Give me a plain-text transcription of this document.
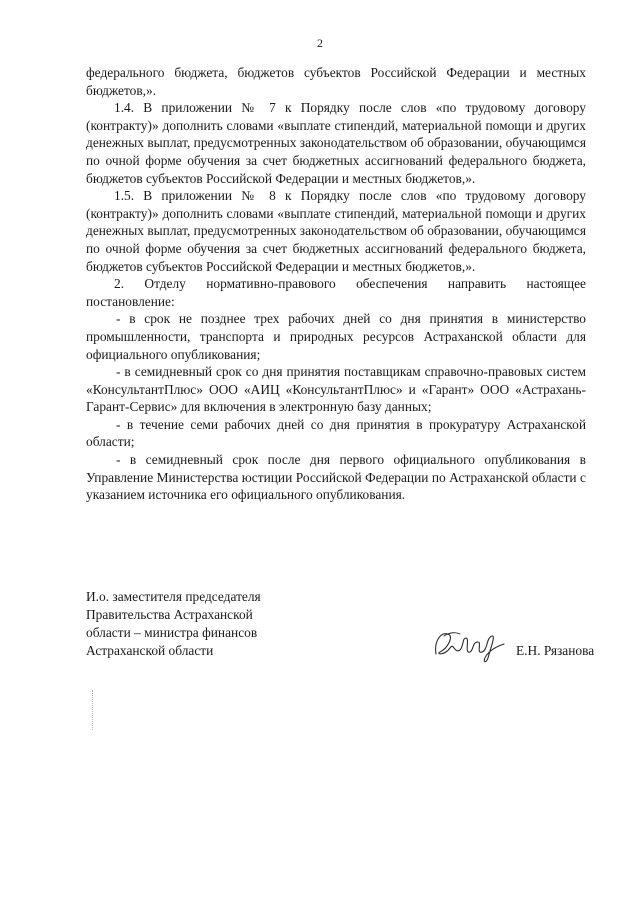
2

федерального бюджета, бюджетов субъектов Российской Федерации и местных бюджетов,».

1.4. В приложении № 7 к Порядку после слов «по трудовому договору (контракту)» дополнить словами «выплате стипендий, материальной помощи и других денежных выплат, предусмотренных законодательством об образовании, обучающимся по очной форме обучения за счет бюджетных ассигнований федерального бюджета, бюджетов субъектов Российской Федерации и местных бюджетов,».

1.5. В приложении № 8 к Порядку после слов «по трудовому договору (контракту)» дополнить словами «выплате стипендий, материальной помощи и других денежных выплат, предусмотренных законодательством об образовании, обучающимся по очной форме обучения за счет бюджетных ассигнований федерального бюджета, бюджетов субъектов Российской Федерации и местных бюджетов,».

2. Отделу нормативно-правового обеспечения направить настоящее постановление:

- в срок не позднее трех рабочих дней со дня принятия в министерство промышленности, транспорта и природных ресурсов Астраханской области для официального опубликования;

- в семидневный срок со дня принятия поставщикам справочно-правовых систем «КонсультантПлюс» ООО «АИЦ «КонсультантПлюс» и «Гарант» ООО «Астрахань-Гарант-Сервис» для включения в электронную базу данных;

- в течение семи рабочих дней со дня принятия в прокуратуру Астраханской области;

- в семидневный срок после дня первого официального опубликования в Управление Министерства юстиции Российской Федерации по Астраханской области с указанием источника его официального опубликования.

И.о. заместителя председателя
Правительства Астраханской
области – министра финансов
Астраханской области	Е.Н. Рязанова
